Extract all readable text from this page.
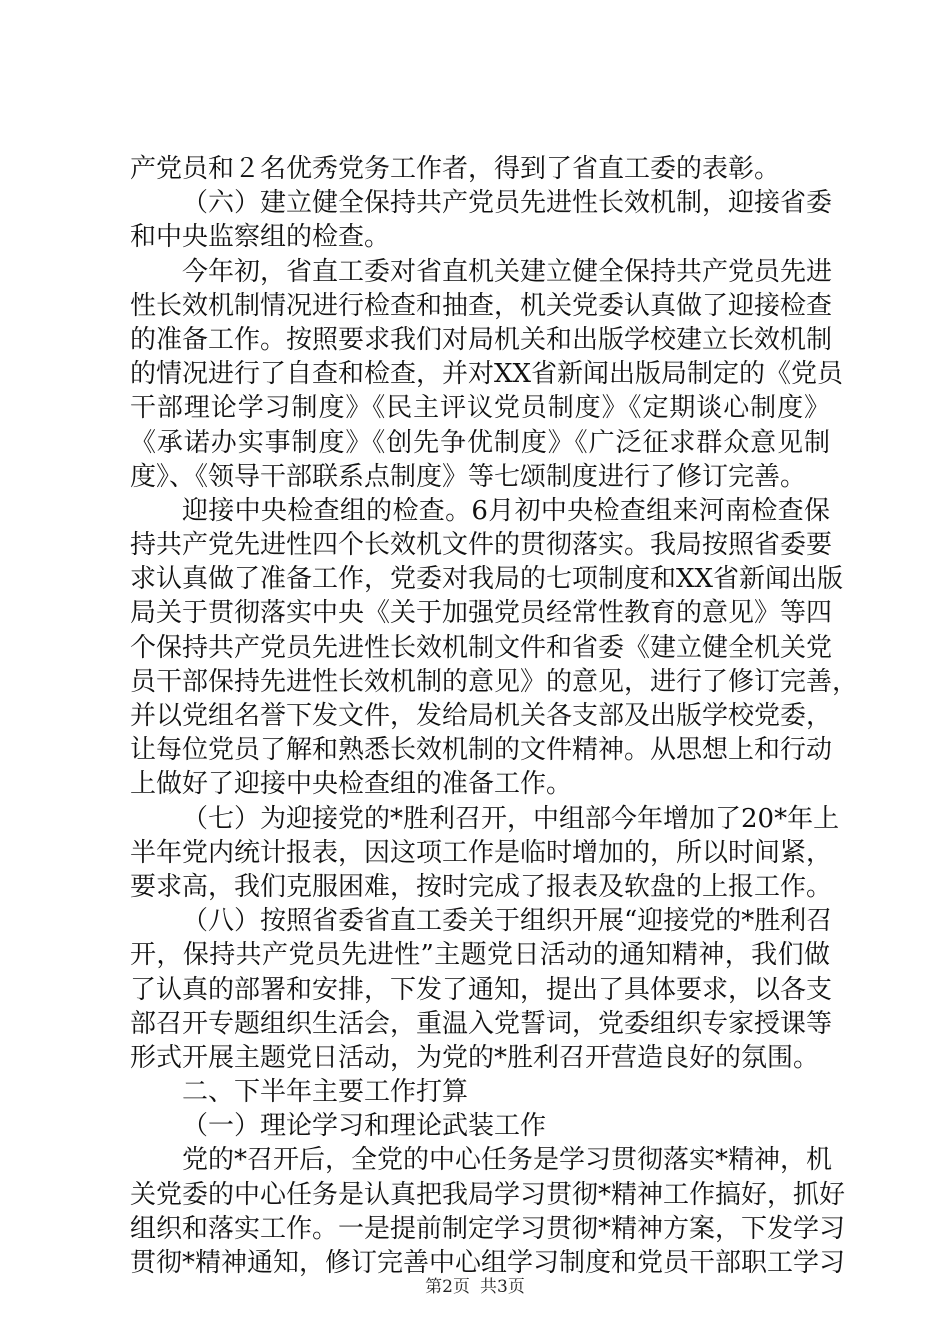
产党员和２名优秀党务工作者，得到了省直工委的表彰。
（六）建立健全保持共产党员先进性长效机制，迎接省委
和中央监察组的检查。
今年初，省直工委对省直机关建立健全保持共产党员先进
性长效机制情况进行检查和抽查，机关党委认真做了迎接检查
的准备工作。按照要求我们对局机关和出版学校建立长效机制
的情况进行了自查和检查，并对XX省新闻出版局制定的《党员
干部理论学习制度》《民主评议党员制度》《定期谈心制度》
《承诺办实事制度》《创先争优制度》《广泛征求群众意见制
度》、《领导干部联系点制度》等七颂制度进行了修订完善。
迎接中央检查组的检查。6月初中央检查组来河南检查保
持共产党先进性四个长效机文件的贯彻落实。我局按照省委要
求认真做了准备工作，党委对我局的七项制度和XX省新闻出版
局关于贯彻落实中央《关于加强党员经常性教育的意见》等四
个保持共产党员先进性长效机制文件和省委《建立健全机关党
员干部保持先进性长效机制的意见》的意见，进行了修订完善，
并以党组名誉下发文件，发给局机关各支部及出版学校党委，
让每位党员了解和熟悉长效机制的文件精神。从思想上和行动
上做好了迎接中央检查组的准备工作。
（七）为迎接党的*胜利召开，中组部今年增加了20*年上
半年党内统计报表，因这项工作是临时增加的，所以时间紧，
要求高，我们克服困难，按时完成了报表及软盘的上报工作。
（八）按照省委省直工委关于组织开展“迎接党的*胜利召
开，保持共产党员先进性”主题党日活动的通知精神，我们做
了认真的部署和安排，下发了通知，提出了具体要求，以各支
部召开专题组织生活会，重温入党誓词，党委组织专家授课等
形式开展主题党日活动，为党的*胜利召开营造良好的氛围。
二、下半年主要工作打算
（一）理论学习和理论武装工作
党的*召开后，全党的中心任务是学习贯彻落实*精神，机
关党委的中心任务是认真把我局学习贯彻*精神工作搞好，抓好
组织和落实工作。一是提前制定学习贯彻*精神方案，下发学习
贯彻*精神通知，修订完善中心组学习制度和党员干部职工学习
第2页 共3页
